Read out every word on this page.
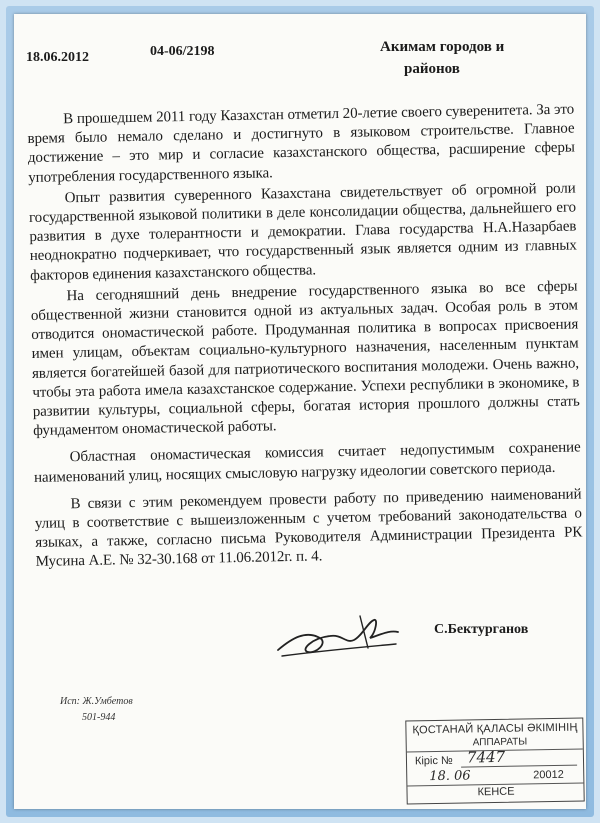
18.06.2012	04-06/2198	Акимам городов и
районов

В прошедшем 2011 году Казахстан отметил 20-летие своего суверенитета. За это время было немало сделано и достигнуто в языковом строительстве. Главное достижение – это мир и согласие казахстанского общества, расширение сферы употребления государственного языка.

Опыт развития суверенного Казахстана свидетельствует об огромной роли государственной языковой политики в деле консолидации общества, дальнейшего его развития в духе толерантности и демократии. Глава государства Н.А.Назарбаев неоднократно подчеркивает, что государственный язык является одним из главных факторов единения казахстанского общества.

На сегодняшний день внедрение государственного языка во все сферы общественной жизни становится одной из актуальных задач. Особая роль в этом отводится ономастической работе. Продуманная политика в вопросах присвоения имен улицам, объектам социально-культурного назначения, населенным пунктам является богатейшей базой для патриотического воспитания молодежи. Очень важно, чтобы эта работа имела казахстанское содержание. Успехи республики в экономике, в развитии культуры, социальной сферы, богатая история прошлого должны стать фундаментом ономастической работы.

Областная ономастическая комиссия считает недопустимым сохранение наименований улиц, носящих смысловую нагрузку идеологии советского периода.

В связи с этим рекомендуем провести работу по приведению наименований улиц в соответствие с вышеизложенным с учетом требований законодательства о языках, а также, согласно письма Руководителя Администрации Президента РК Мусина А.Е. № 32-30.168 от 11.06.2012г. п. 4.

С.Бектурганов
Исп: Ж.Умбетов
501-944
ҚОСТАНАЙ ҚАЛАСЫ ӘКІМІНІҢ
АППАРАТЫ
Кіріс № 7447
18. 06	20012
КЕНСЕ
